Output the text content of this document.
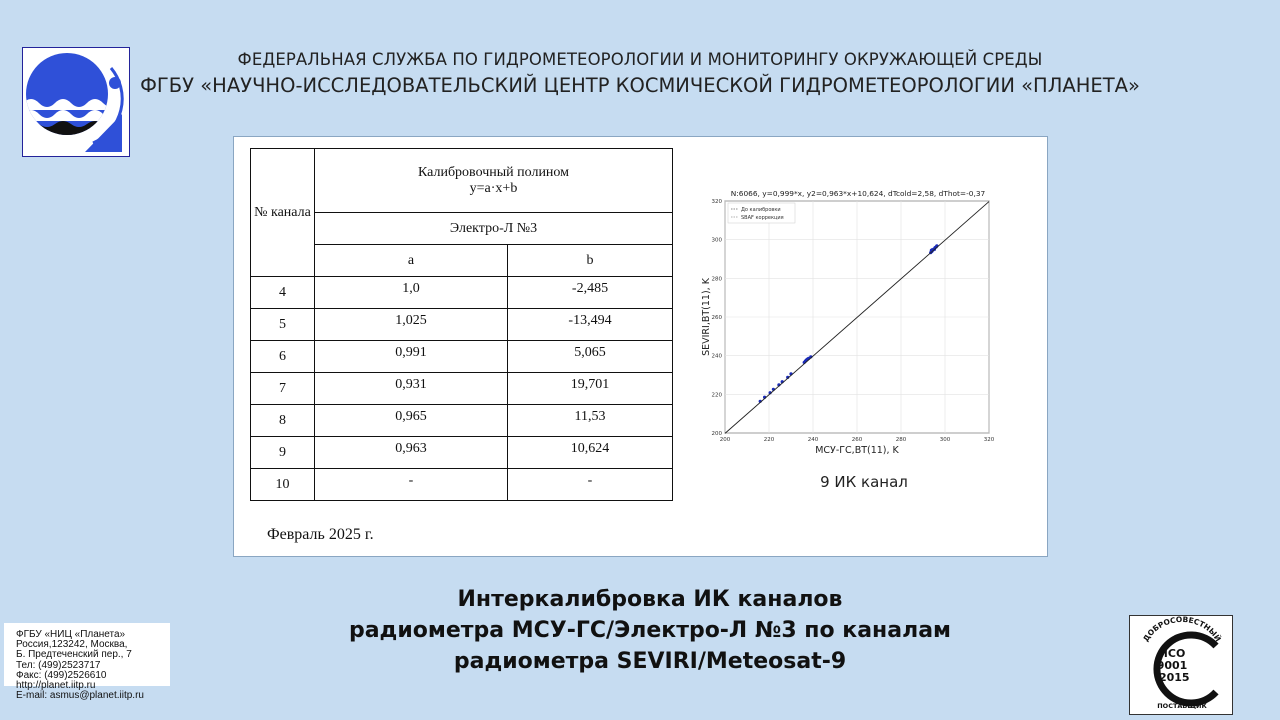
ФЕДЕРАЛЬНАЯ СЛУЖБА ПО ГИДРОМЕТЕОРОЛОГИИ И МОНИТОРИНГУ ОКРУЖАЮЩЕЙ СРЕДЫ
ФГБУ «НАУЧНО-ИССЛЕДОВАТЕЛЬСКИЙ ЦЕНТР КОСМИЧЕСКОЙ ГИДРОМЕТЕОРОЛОГИИ «ПЛАНЕТА»
№ канала	Калибровочный полином
y=a·x+b	

	Электро-Л №3	
	a	b
4	1,0	-2,485
5	1,025	-13,494
6	0,991	5,065
7	0,931	19,701
8	0,965	11,53
9	0,963	10,624
10	-	-
Февраль 2025 г.
N:6066, y=0,999*x, y2=0,963*x+10,624, dTcold=2,58, dThot=-0,37
200	220	240	260	280	300	320
200
220
240
260
280
300
320
До калибровки
SBAF коррекция
МСУ-ГС,BT(11), K
SEVIRI,BT(11), K
9 ИК канал
Интеркалибровка ИК каналов
радиометра МСУ-ГС/Электро-Л №3 по каналам
радиометра SEVIRI/Meteosat-9
ФГБУ «НИЦ «Планета»
Россия,123242, Москва,
Б. Предтеченский пер., 7
Тел: (499)2523717
Факс: (499)2526610
http://planet.iitp.ru
E-mail: asmus@planet.iitp.ru
ДОБРОСОВЕСТНЫЙ
ИСО
9001
-2015
ПОСТАВЩИК
